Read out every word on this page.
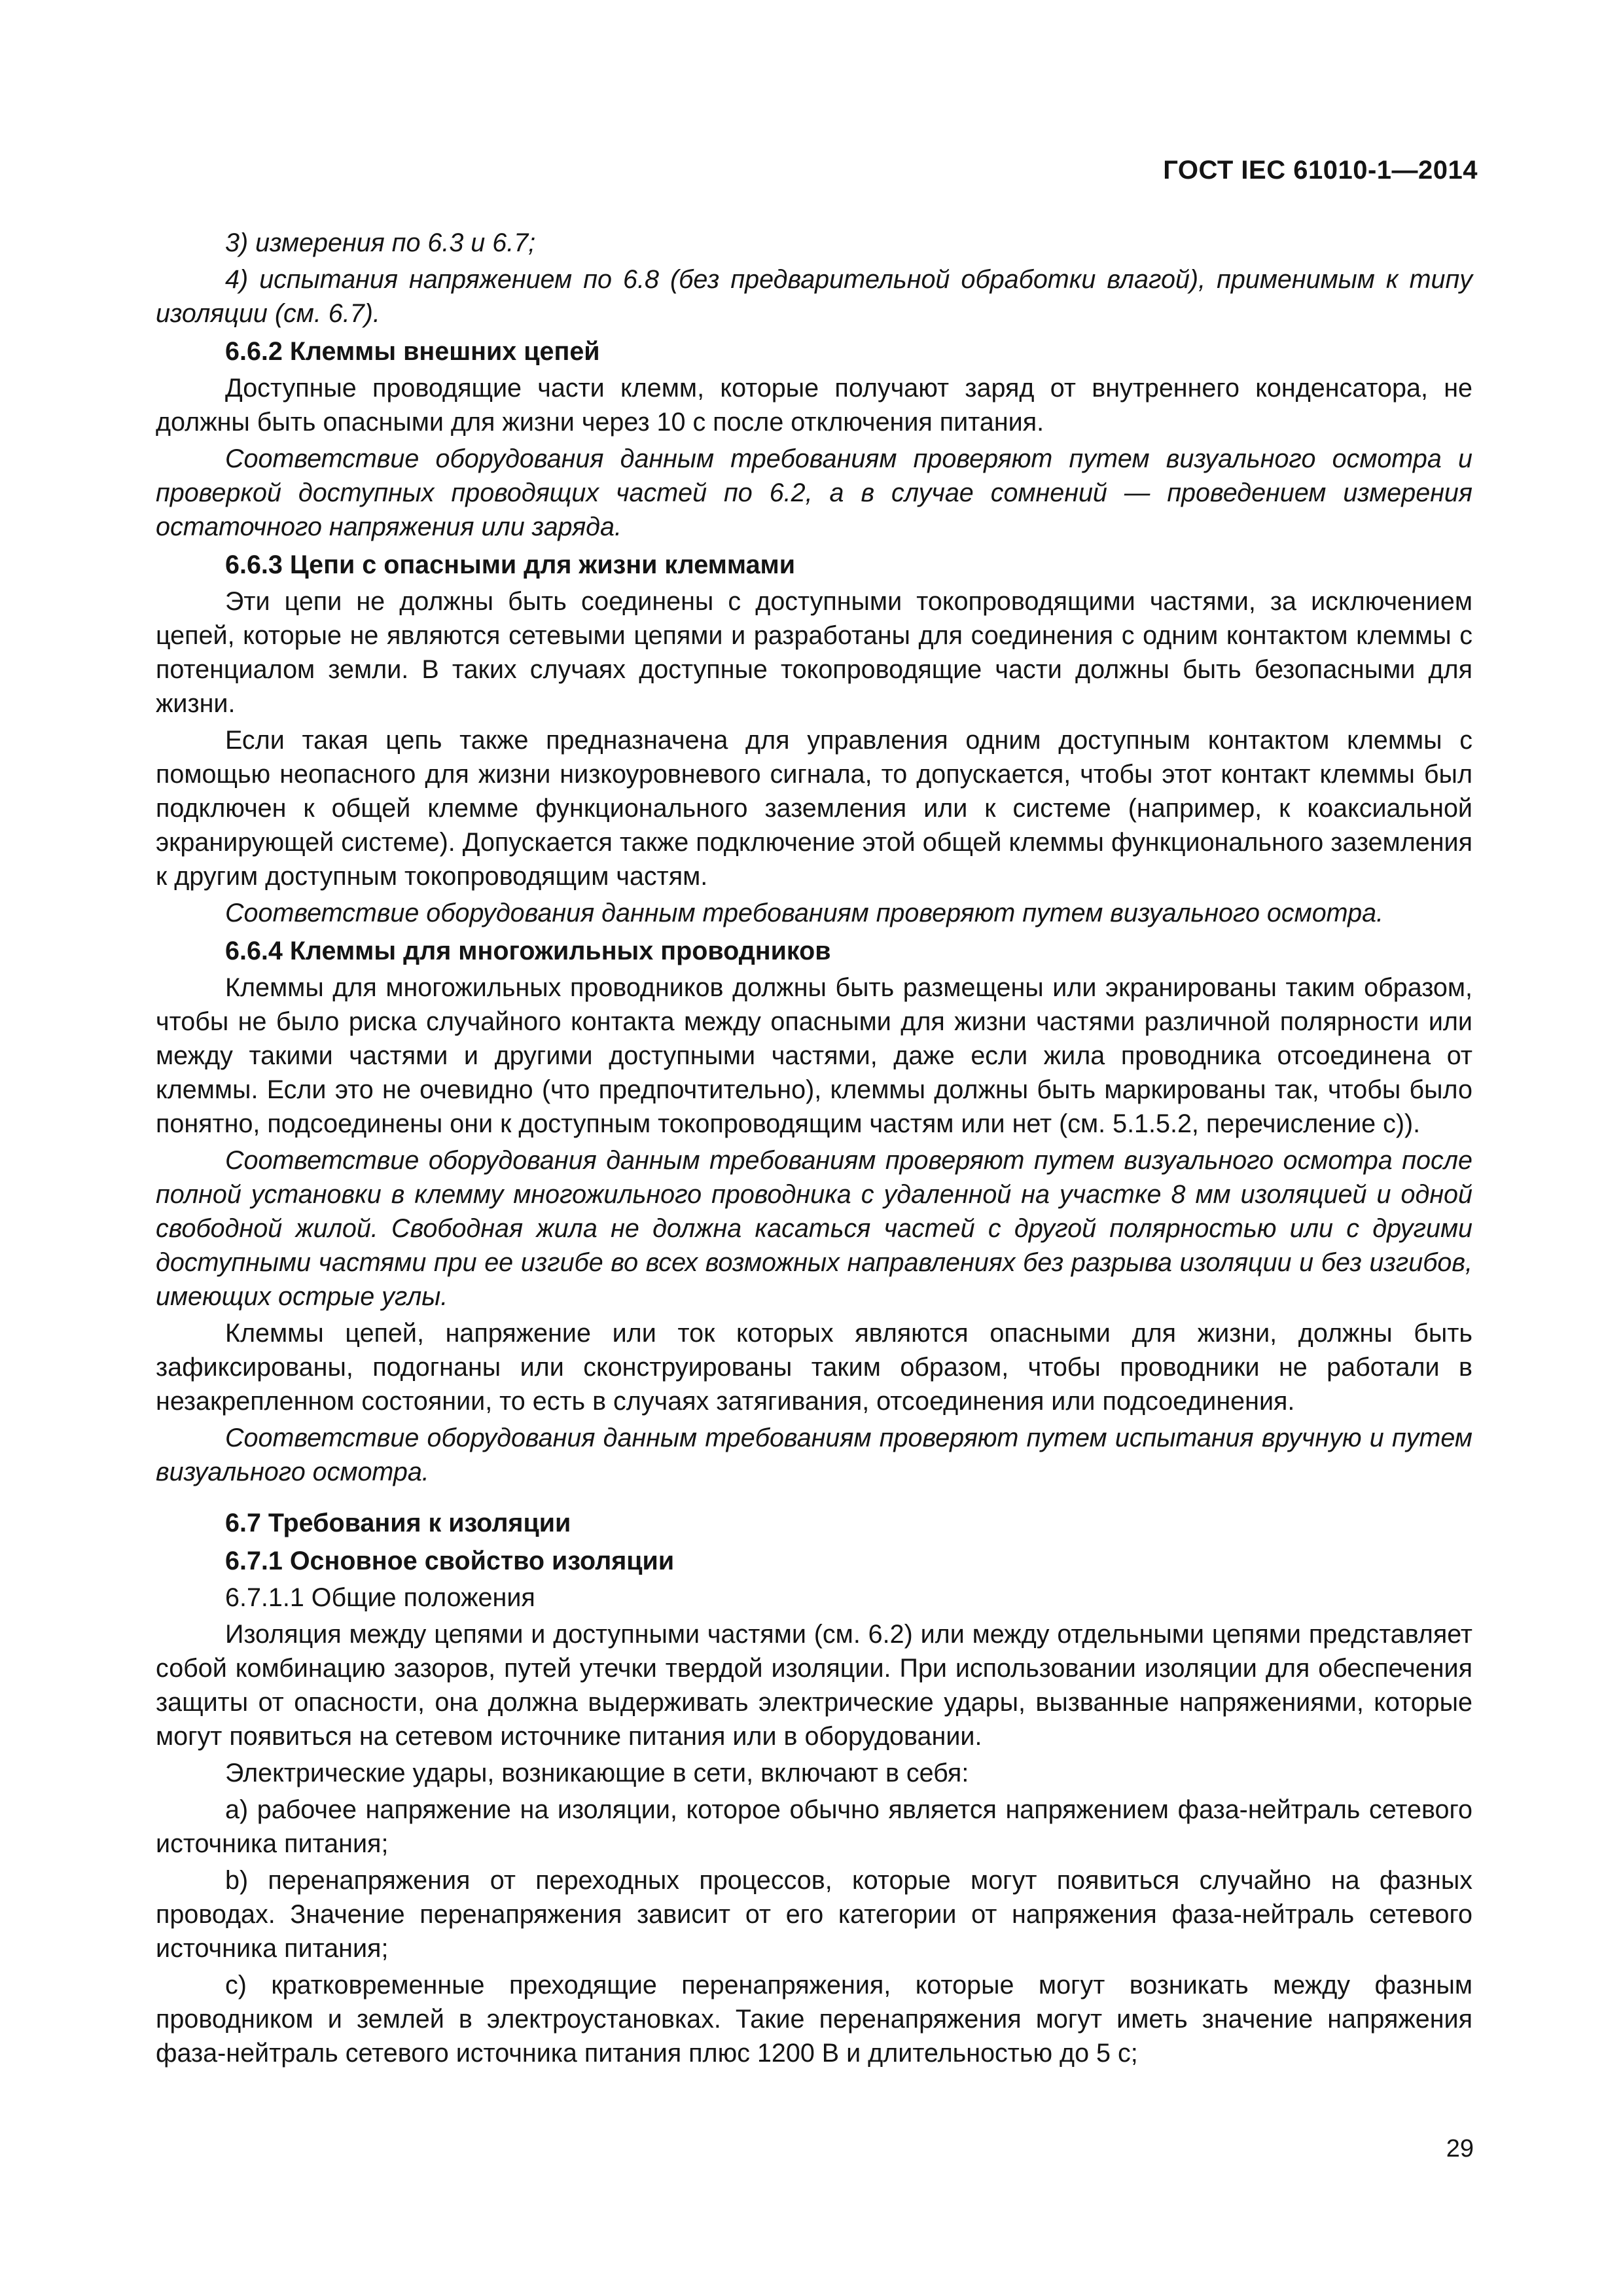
ГОСТ IEC 61010-1—2014

3) измерения по 6.3 и 6.7;

4) испытания напряжением по 6.8 (без предварительной обработки влагой), применимым к типу изоляции (см. 6.7).

6.6.2 Клеммы внешних цепей

Доступные проводящие части клемм, которые получают заряд от внутреннего конденсатора, не должны быть опасными для жизни через 10 с после отключения питания.

Соответствие оборудования данным требованиям проверяют путем визуального осмотра и проверкой доступных проводящих частей по 6.2, а в случае сомнений — проведением измерения остаточного напряжения или заряда.

6.6.3 Цепи с опасными для жизни клеммами

Эти цепи не должны быть соединены с доступными токопроводящими частями, за исключением цепей, которые не являются сетевыми цепями и разработаны для соединения с одним контактом клеммы с потенциалом земли. В таких случаях доступные токопроводящие части должны быть безопасными для жизни.

Если такая цепь также предназначена для управления одним доступным контактом клеммы с помощью неопасного для жизни низкоуровневого сигнала, то допускается, чтобы этот контакт клеммы был подключен к общей клемме функционального заземления или к системе (например, к коаксиальной экранирующей системе). Допускается также подключение этой общей клеммы функционального заземления к другим доступным токопроводящим частям.

Соответствие оборудования данным требованиям проверяют путем визуального осмотра.

6.6.4 Клеммы для многожильных проводников

Клеммы для многожильных проводников должны быть размещены или экранированы таким образом, чтобы не было риска случайного контакта между опасными для жизни частями различной полярности или между такими частями и другими доступными частями, даже если жила проводника отсоединена от клеммы. Если это не очевидно (что предпочтительно), клеммы должны быть маркированы так, чтобы было понятно, подсоединены они к доступным токопроводящим частям или нет (см. 5.1.5.2, перечисление с)).

Соответствие оборудования данным требованиям проверяют путем визуального осмотра после полной установки в клемму многожильного проводника с удаленной на участке 8 мм изоляцией и одной свободной жилой. Свободная жила не должна касаться частей с другой полярностью или с другими доступными частями при ее изгибе во всех возможных направлениях без разрыва изоляции и без изгибов, имеющих острые углы.

Клеммы цепей, напряжение или ток которых являются опасными для жизни, должны быть зафиксированы, подогнаны или сконструированы таким образом, чтобы проводники не работали в незакрепленном состоянии, то есть в случаях затягивания, отсоединения или подсоединения.

Соответствие оборудования данным требованиям проверяют путем испытания вручную и путем визуального осмотра.

6.7 Требования к изоляции

6.7.1 Основное свойство изоляции

6.7.1.1 Общие положения

Изоляция между цепями и доступными частями (см. 6.2) или между отдельными цепями представляет собой комбинацию зазоров, путей утечки твердой изоляции. При использовании изоляции для обеспечения защиты от опасности, она должна выдерживать электрические удары, вызванные напряжениями, которые могут появиться на сетевом источнике питания или в оборудовании.

Электрические удары, возникающие в сети, включают в себя:

a) рабочее напряжение на изоляции, которое обычно является напряжением фаза-нейтраль сетевого источника питания;

b) перенапряжения от переходных процессов, которые могут появиться случайно на фазных проводах. Значение перенапряжения зависит от его категории от напряжения фаза-нейтраль сетевого источника питания;

с) кратковременные преходящие перенапряжения, которые могут возникать между фазным проводником и землей в электроустановках. Такие перенапряжения могут иметь значение напряжения фаза-нейтраль сетевого источника питания плюс 1200 В и длительностью до 5 с;

29
